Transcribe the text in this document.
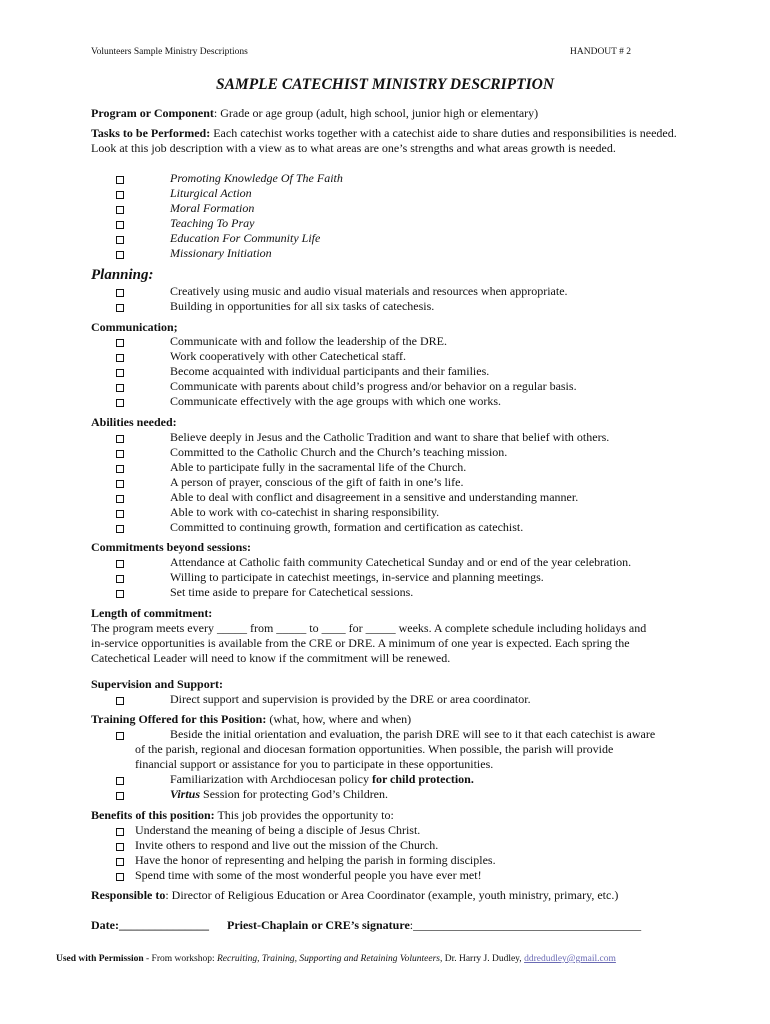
Volunteers Sample Ministry Descriptions	HANDOUT # 2
SAMPLE CATECHIST MINISTRY DESCRIPTION
Program or Component: Grade or age group (adult, high school, junior high or elementary)
Tasks to be Performed: Each catechist works together with a catechist aide to share duties and responsibilities is needed. Look at this job description with a view as to what areas are one’s strengths and what areas growth is needed.
Promoting Knowledge Of The Faith
Liturgical Action
Moral Formation
Teaching To Pray
Education For Community Life
Missionary Initiation
Planning:
Creatively using music and audio visual materials and resources when appropriate.
Building in opportunities for all six tasks of catechesis.
Communication;
Communicate with and follow the leadership of the DRE.
Work cooperatively with other Catechetical staff.
Become acquainted with individual participants and their families.
Communicate with parents about child’s progress and/or behavior on a regular basis.
Communicate effectively with the age groups with which one works.
Abilities needed:
Believe deeply in Jesus and the Catholic Tradition and want to share that belief with others.
Committed to the Catholic Church and the Church’s teaching mission.
Able to participate fully in the sacramental life of the Church.
A person of prayer, conscious of the gift of faith in one’s life.
Able to deal with conflict and disagreement in a sensitive and understanding manner.
Able to work with co-catechist in sharing responsibility.
Committed to continuing growth, formation and certification as catechist.
Commitments beyond sessions:
Attendance at Catholic faith community Catechetical Sunday and or end of the year celebration.
Willing to participate in catechist meetings, in-service and planning meetings.
Set time aside to prepare for Catechetical sessions.
Length of commitment:
The program meets every _____ from _____ to ____ for _____ weeks. A complete schedule including holidays and
in-service opportunities is available from the CRE or DRE. A minimum of one year is expected. Each spring the
Catechetical Leader will need to know if the commitment will be renewed.
Supervision and Support:
Direct support and supervision is provided by the DRE or area coordinator.
Training Offered for this Position: (what, how, where and when)
Beside the initial orientation and evaluation, the parish DRE will see to it that each catechist is aware
of the parish, regional and diocesan formation opportunities. When possible, the parish will provide
financial support or assistance for you to participate in these opportunities.
Familiarization with Archdiocesan policy for child protection.
Virtus Session for protecting God’s Children.
Benefits of this position: This job provides the opportunity to:
Understand the meaning of being a disciple of Jesus Christ.
Invite others to respond and live out the mission of the Church.
Have the honor of representing and helping the parish in forming disciples.
Spend time with some of the most wonderful people you have ever met!
Responsible to: Director of Religious Education or Area Coordinator (example, youth ministry, primary, etc.)
Date:_______________ Priest-Chaplain or CRE’s signature:______________________________________
Used with Permission - From workshop: Recruiting, Training, Supporting and Retaining Volunteers, Dr. Harry J. Dudley, ddredudley@gmail.com
